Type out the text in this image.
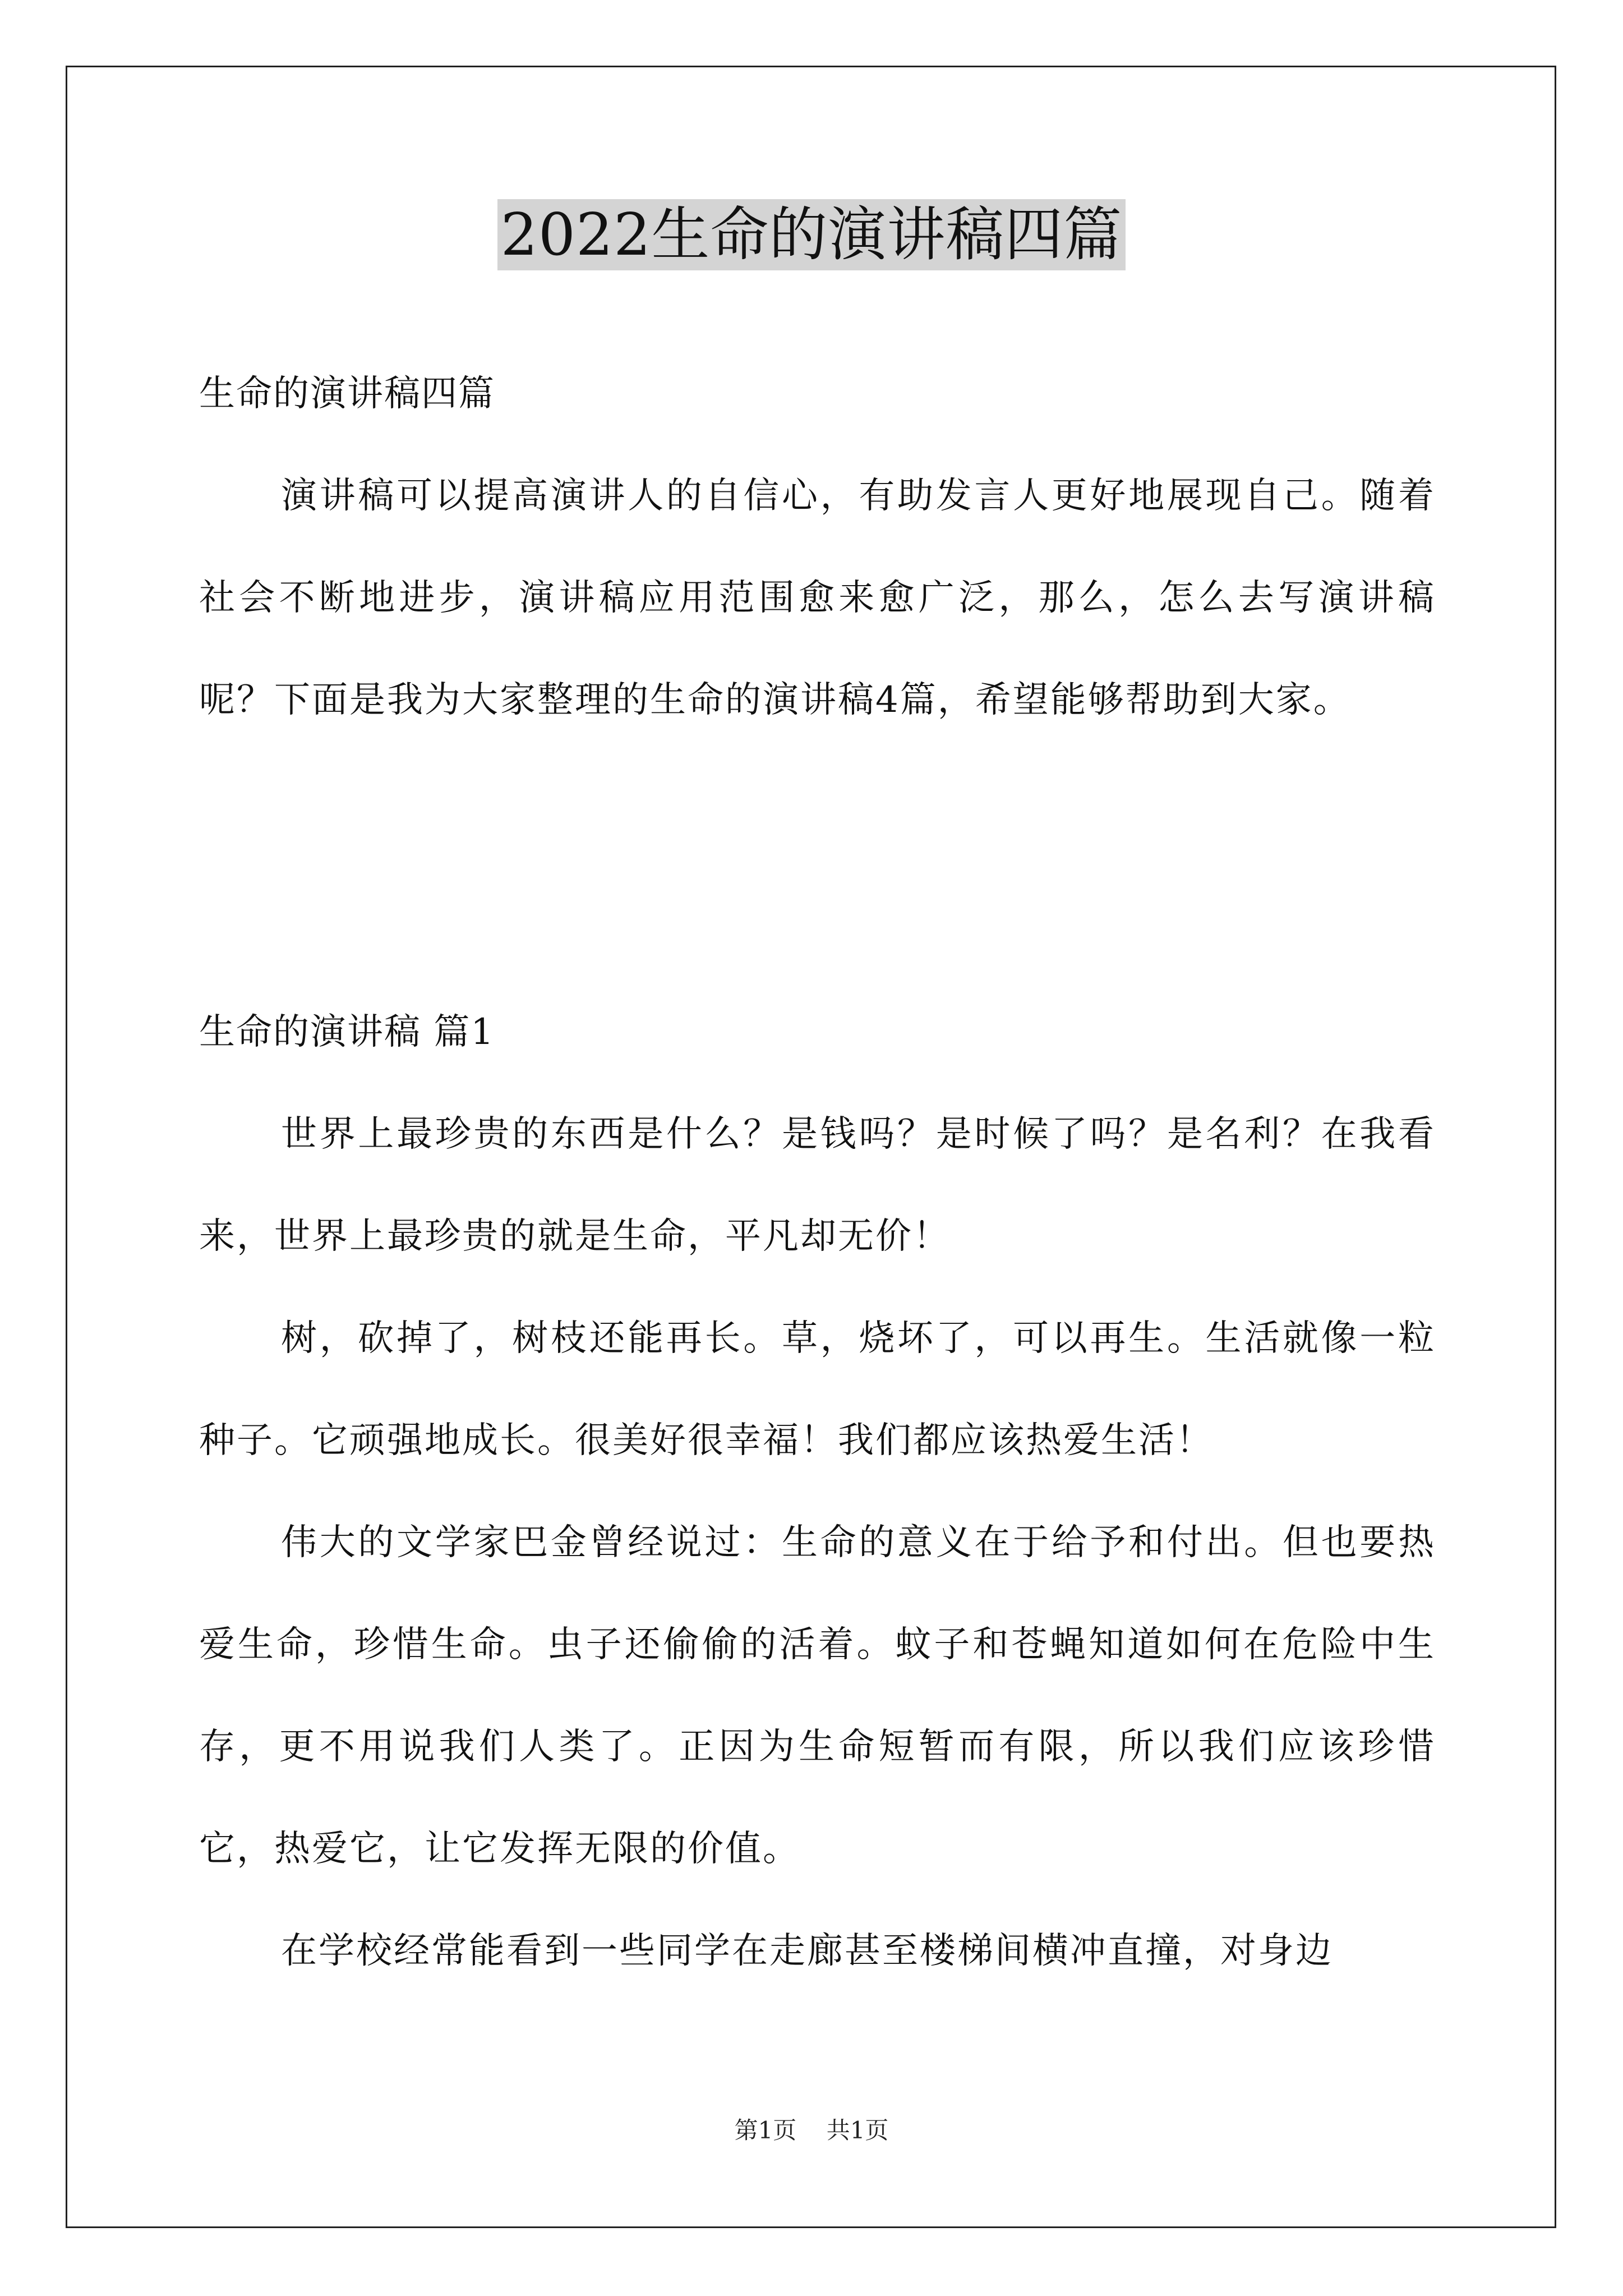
2022生命的演讲稿四篇

生命的演讲稿四篇

演讲稿可以提高演讲人的自信心，有助发言人更好地展现自己。随着社会不断地进步，演讲稿应用范围愈来愈广泛，那么，怎么去写演讲稿呢？下面是我为大家整理的生命的演讲稿4篇，希望能够帮助到大家。

生命的演讲稿 篇1

世界上最珍贵的东西是什么？是钱吗？是时候了吗？是名利？在我看来，世界上最珍贵的就是生命，平凡却无价！

树，砍掉了，树枝还能再长。草，烧坏了，可以再生。生活就像一粒种子。它顽强地成长。很美好很幸福！我们都应该热爱生活！

伟大的文学家巴金曾经说过：生命的意义在于给予和付出。但也要热爱生命，珍惜生命。虫子还偷偷的活着。蚊子和苍蝇知道如何在危险中生存，更不用说我们人类了。正因为生命短暂而有限，所以我们应该珍惜它，热爱它，让它发挥无限的价值。

在学校经常能看到一些同学在走廊甚至楼梯间横冲直撞，对身边

第1页 共1页
